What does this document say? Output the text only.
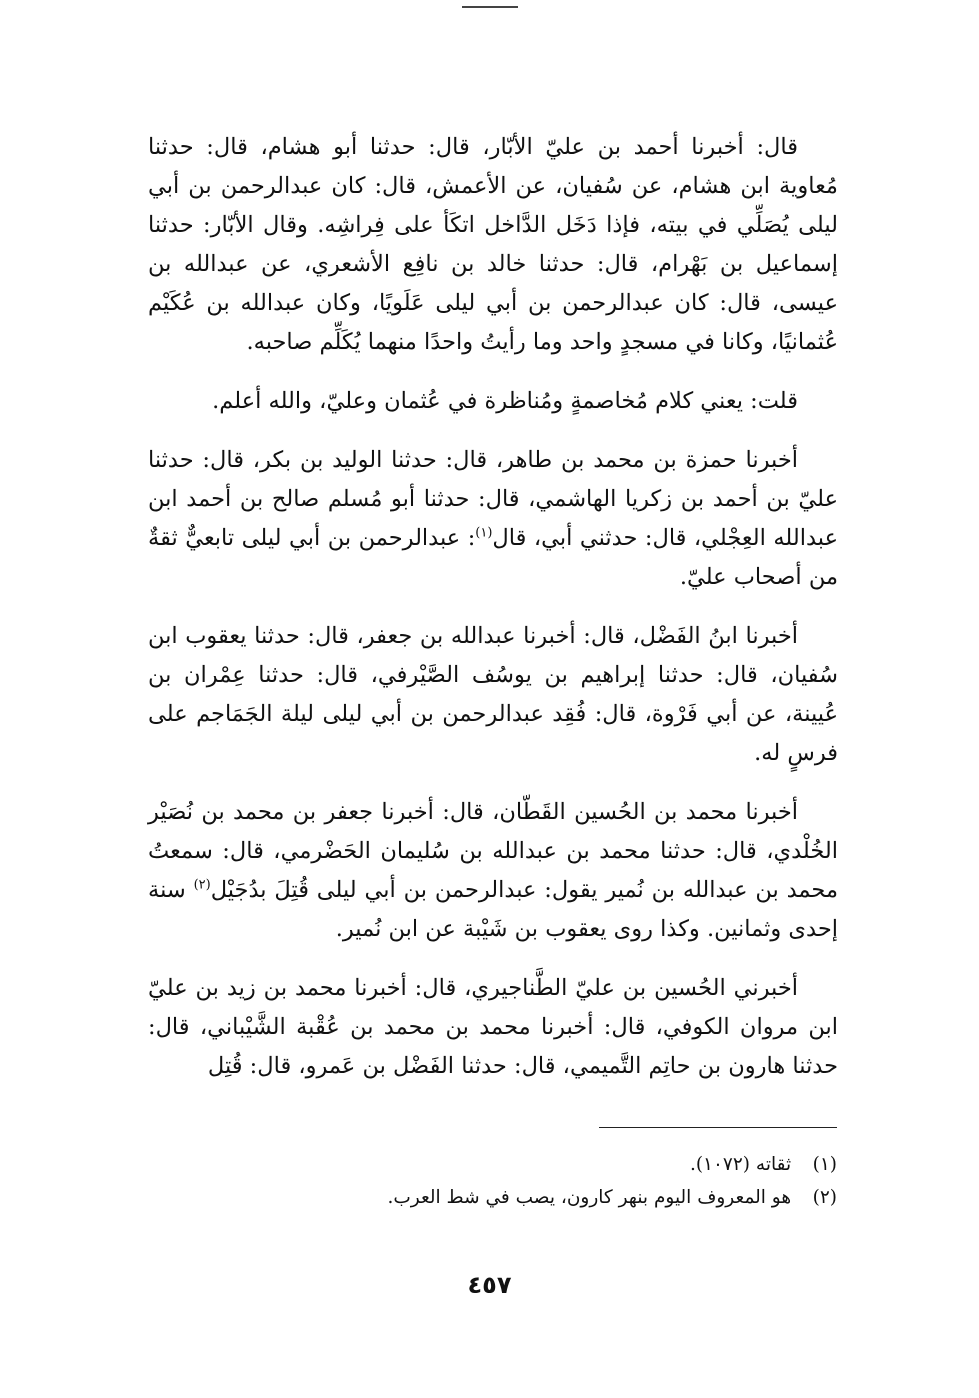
قال: أخبرنا أحمد بن عليّ الأبّار، قال: حدثنا أبو هشام، قال: حدثنا مُعاوية ابن هشام، عن سُفيان، عن الأعمش، قال: كان عبدالرحمن بن أبي ليلى يُصَلِّي في بيته، فإذا دَخَل الدَّاخل اتكَأ على فِراشِه. وقال الأبّار: حدثنا إسماعيل بن بَهْرام، قال: حدثنا خالد بن نافِع الأشعري، عن عبدالله بن عيسى، قال: كان عبدالرحمن بن أبي ليلى عَلَويًا، وكان عبدالله بن عُكَيْم عُثمانيًا، وكانا في مسجدٍ واحد وما رأيتُ واحدًا منهما يُكَلِّم صاحبه.

قلت: يعني كلام مُخاصمةٍ ومُناظرة في عُثمان وعليّ، والله أعلم.

أخبرنا حمزة بن محمد بن طاهر، قال: حدثنا الوليد بن بكر، قال: حدثنا عليّ بن أحمد بن زكريا الهاشمي، قال: حدثنا أبو مُسلم صالح بن أحمد ابن عبدالله العِجْلي، قال: حدثني أبي، قال$^{(١)}$: عبدالرحمن بن أبي ليلى تابعيٌّ ثقةٌ من أصحاب عليّ.

أخبرنا ابنُ الفَضْل، قال: أخبرنا عبدالله بن جعفر، قال: حدثنا يعقوب ابن سُفيان، قال: حدثنا إبراهيم بن يوسُف الصَّيْرفي، قال: حدثنا عِمْران بن عُيينة، عن أبي فَرْوة، قال: فُقِد عبدالرحمن بن أبي ليلى ليلة الجَمَاجم على فرسٍ له.

أخبرنا محمد بن الحُسين القَطّان، قال: أخبرنا جعفر بن محمد بن نُصَيْر الخُلْدي، قال: حدثنا محمد بن عبدالله بن سُليمان الحَضْرمي، قال: سمعتُ محمد بن عبدالله بن نُمير يقول: عبدالرحمن بن أبي ليلى قُتِلَ بدُجَيْل$^{(٢)}$ سنة إحدى وثمانين. وكذا روى يعقوب بن شَيْبة عن ابن نُمير.

أخبرني الحُسين بن عليّ الطَّناجيري، قال: أخبرنا محمد بن زيد بن عليّ ابن مروان الكوفي، قال: أخبرنا محمد بن محمد بن عُقْبة الشَّيْباني، قال: حدثنا هارون بن حاتِم التَّميمي، قال: حدثنا الفَضْل بن عَمرو، قال: قُتِل

(١) ثقاته (١٠٧٢).

(٢) هو المعروف اليوم بنهر كارون، يصب في شط العرب.

٤٥٧
